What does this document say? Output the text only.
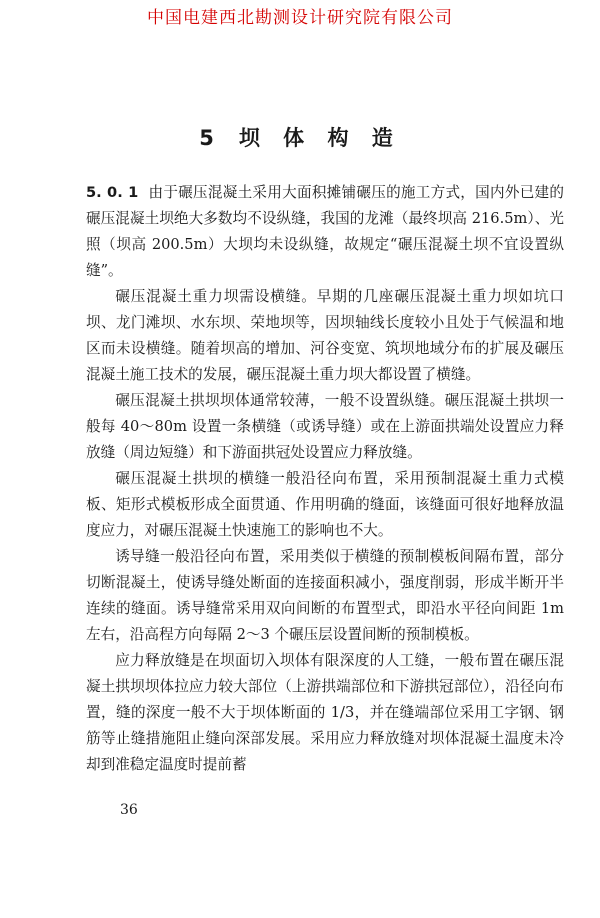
中国电建西北勘测设计研究院有限公司
5 坝 体 构 造

5. 0. 1 由于碾压混凝土采用大面积摊铺碾压的施工方式，国内外已建的碾压混凝土坝绝大多数均不设纵缝，我国的龙滩（最终坝高 216.5m）、光照（坝高 200.5m）大坝均未设纵缝，故规定“碾压混凝土坝不宜设置纵缝”。

碾压混凝土重力坝需设横缝。早期的几座碾压混凝土重力坝如坑口坝、龙门滩坝、水东坝、荣地坝等，因坝轴线长度较小且处于气候温和地区而未设横缝。随着坝高的增加、河谷变宽、筑坝地域分布的扩展及碾压混凝土施工技术的发展，碾压混凝土重力坝大都设置了横缝。

碾压混凝土拱坝坝体通常较薄，一般不设置纵缝。碾压混凝土拱坝一般每 40～80m 设置一条横缝（或诱导缝）或在上游面拱端处设置应力释放缝（周边短缝）和下游面拱冠处设置应力释放缝。

碾压混凝土拱坝的横缝一般沿径向布置，采用预制混凝土重力式模板、矩形式模板形成全面贯通、作用明确的缝面，该缝面可很好地释放温度应力，对碾压混凝土快速施工的影响也不大。

诱导缝一般沿径向布置，采用类似于横缝的预制模板间隔布置，部分切断混凝土，使诱导缝处断面的连接面积减小，强度削弱，形成半断开半连续的缝面。诱导缝常采用双向间断的布置型式，即沿水平径向间距 1m 左右，沿高程方向每隔 2～3 个碾压层设置间断的预制模板。

应力释放缝是在坝面切入坝体有限深度的人工缝，一般布置在碾压混凝土拱坝坝体拉应力较大部位（上游拱端部位和下游拱冠部位），沿径向布置，缝的深度一般不大于坝体断面的 1/3，并在缝端部位采用工字钢、钢筋等止缝措施阻止缝向深部发展。采用应力释放缝对坝体混凝土温度未冷却到准稳定温度时提前蓄

36
